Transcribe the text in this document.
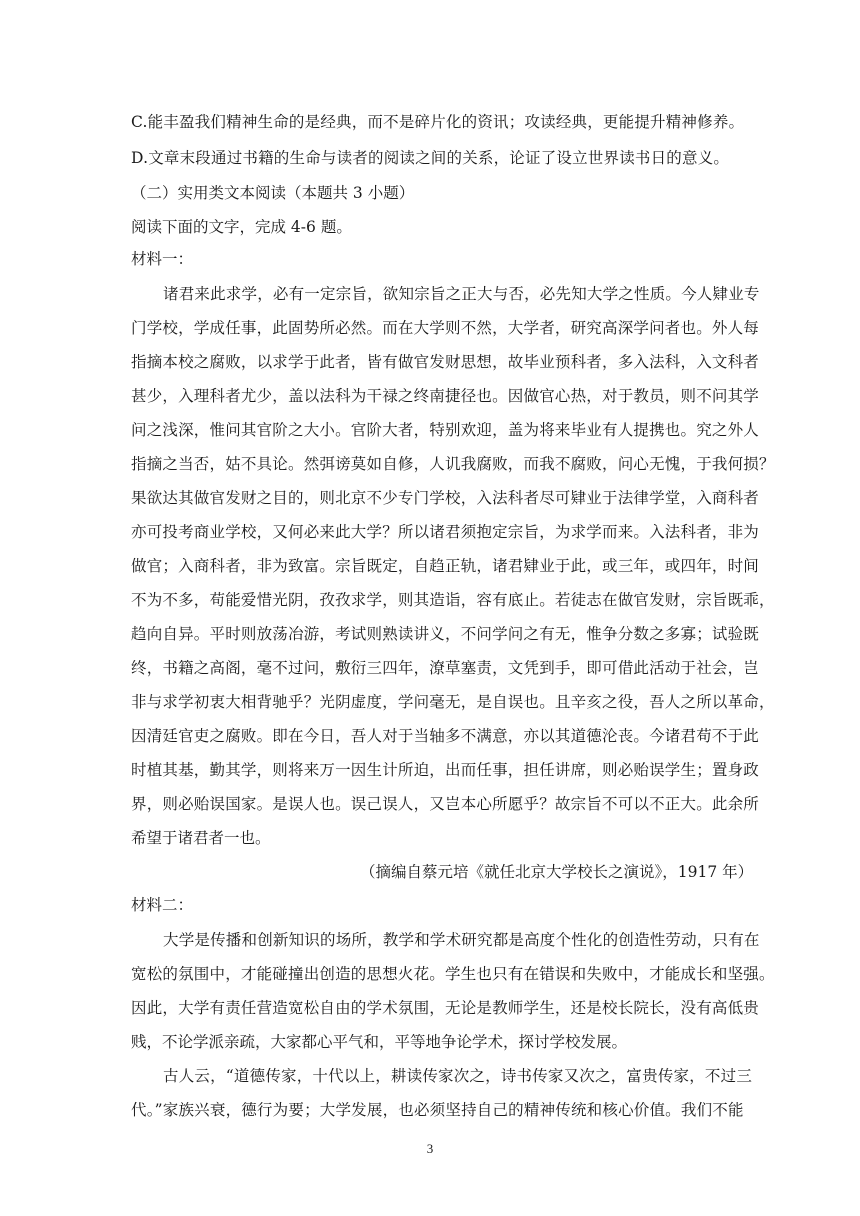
C.能丰盈我们精神生命的是经典，而不是碎片化的资讯；攻读经典，更能提升精神修养。
D.文章末段通过书籍的生命与读者的阅读之间的关系，论证了设立世界读书日的意义。
（二）实用类文本阅读（本题共 3 小题）
阅读下面的文字，完成 4-6 题。
材料一：
诸君来此求学，必有一定宗旨，欲知宗旨之正大与否，必先知大学之性质。今人肄业专
门学校，学成任事，此固势所必然。而在大学则不然，大学者，研究高深学问者也。外人每
指摘本校之腐败，以求学于此者，皆有做官发财思想，故毕业预科者，多入法科，入文科者
甚少，入理科者尤少，盖以法科为干禄之终南捷径也。因做官心热，对于教员，则不问其学
问之浅深，惟问其官阶之大小。官阶大者，特别欢迎，盖为将来毕业有人提携也。究之外人
指摘之当否，姑不具论。然弭谤莫如自修，人讥我腐败，而我不腐败，问心无愧，于我何损？
果欲达其做官发财之目的，则北京不少专门学校，入法科者尽可肄业于法律学堂，入商科者
亦可投考商业学校，又何必来此大学？所以诸君须抱定宗旨，为求学而来。入法科者，非为
做官；入商科者，非为致富。宗旨既定，自趋正轨，诸君肄业于此，或三年，或四年，时间
不为不多，苟能爱惜光阴，孜孜求学，则其造诣，容有底止。若徒志在做官发财，宗旨既乖，
趋向自异。平时则放荡冶游，考试则熟读讲义，不问学问之有无，惟争分数之多寡；试验既
终，书籍之高阁，毫不过问，敷衍三四年，潦草塞责，文凭到手，即可借此活动于社会，岂
非与求学初衷大相背驰乎？光阴虚度，学问毫无，是自误也。且辛亥之役，吾人之所以革命，
因清廷官吏之腐败。即在今日，吾人对于当轴多不满意，亦以其道德沦丧。今诸君苟不于此
时植其基，勤其学，则将来万一因生计所迫，出而任事，担任讲席，则必贻误学生；置身政
界，则必贻误国家。是误人也。误己误人，又岂本心所愿乎？故宗旨不可以不正大。此余所
希望于诸君者一也。
（摘编自蔡元培《就任北京大学校长之演说》，1917 年）
材料二：
大学是传播和创新知识的场所，教学和学术研究都是高度个性化的创造性劳动，只有在
宽松的氛围中，才能碰撞出创造的思想火花。学生也只有在错误和失败中，才能成长和坚强。
因此，大学有责任营造宽松自由的学术氛围，无论是教师学生，还是校长院长，没有高低贵
贱，不论学派亲疏，大家都心平气和，平等地争论学术，探讨学校发展。
古人云，“道德传家，十代以上，耕读传家次之，诗书传家又次之，富贵传家，不过三
代。”家族兴衰，德行为要；大学发展，也必须坚持自己的精神传统和核心价值。我们不能
3
